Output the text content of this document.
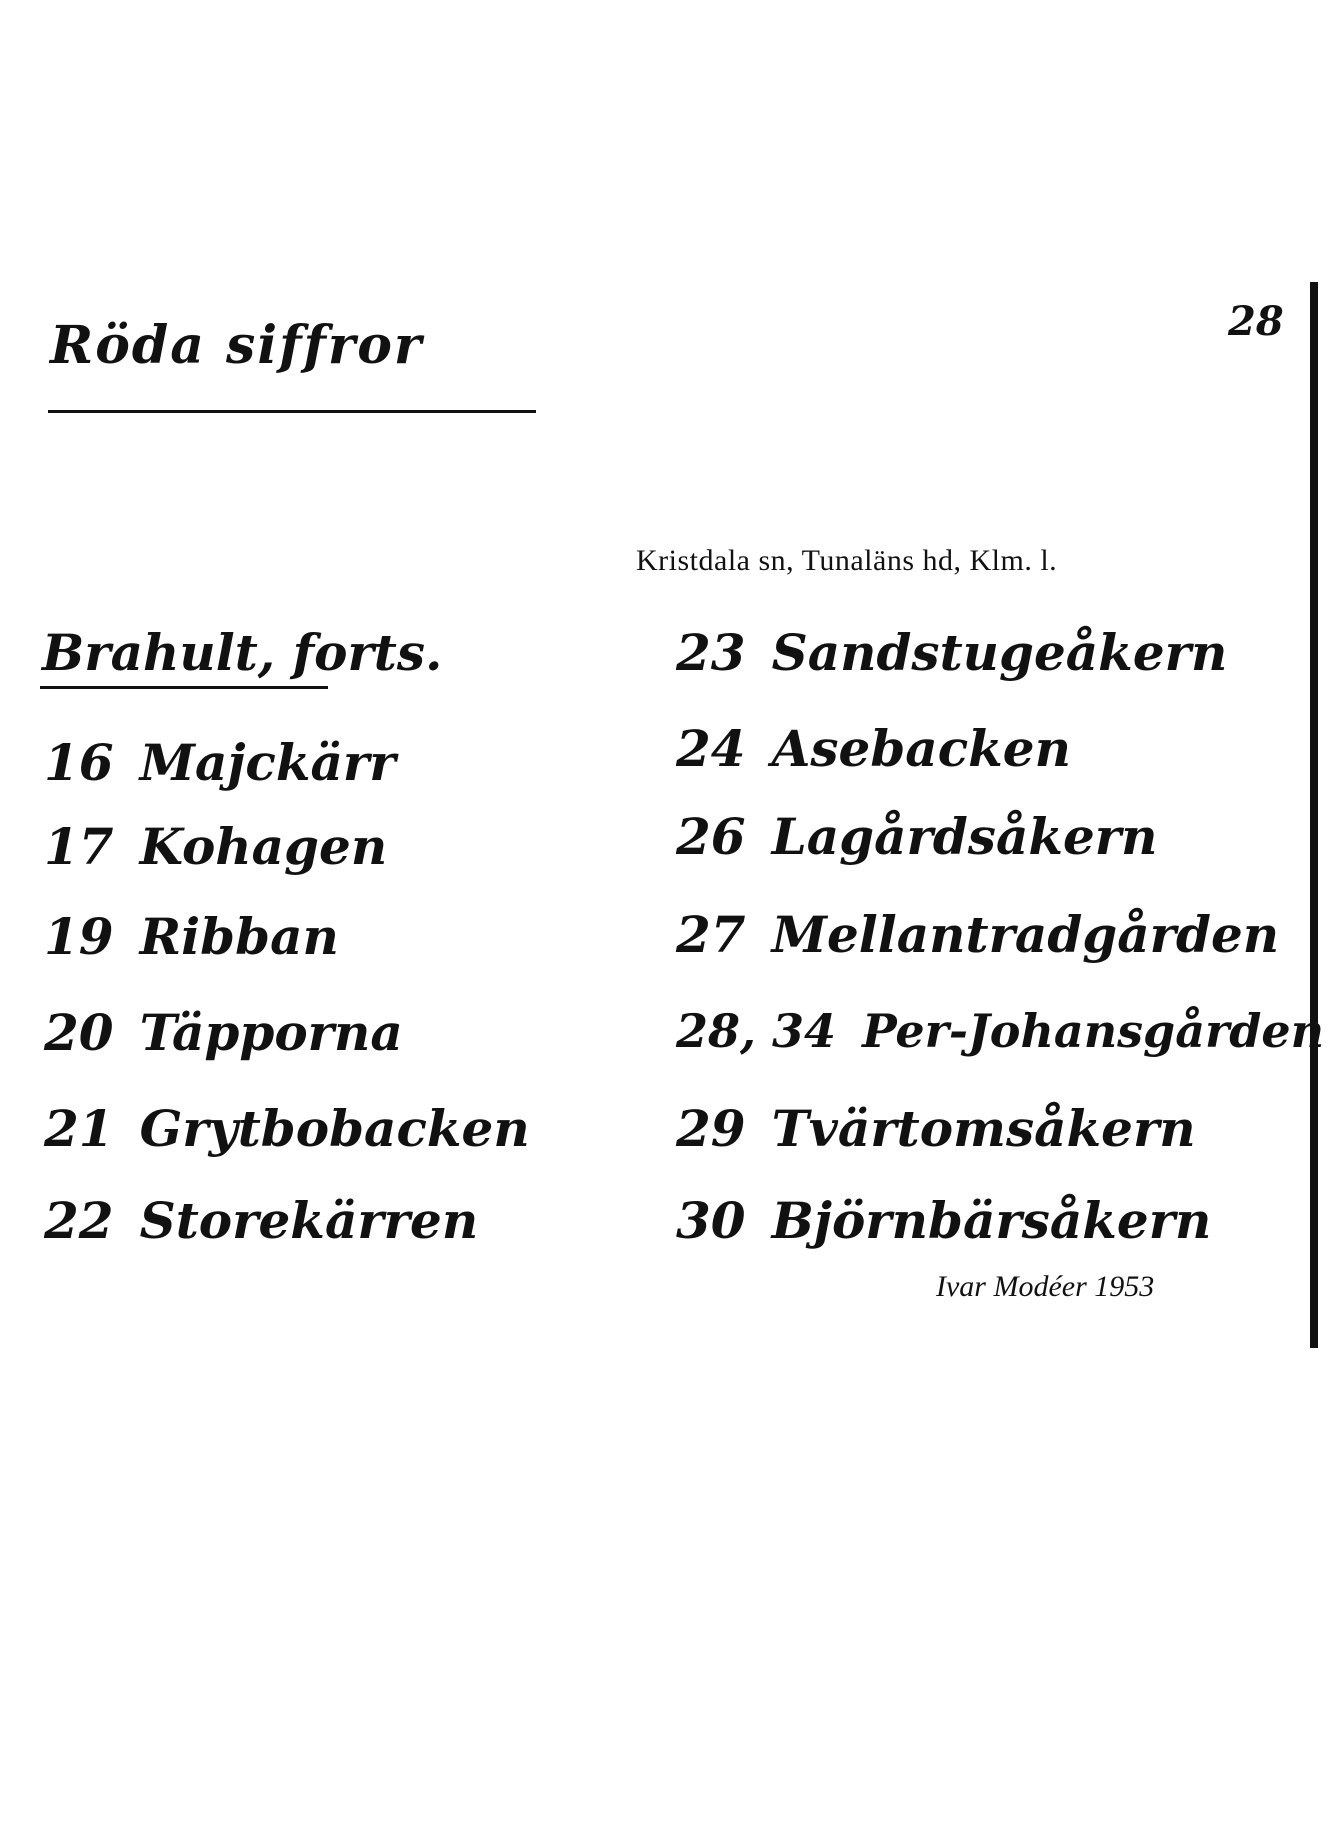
Röda siffror	28
Kristdala sn, Tunaläns hd, Klm. l.
Brahult, forts.
16 Majckärr
17 Kohagen
19 Ribban
20 Täpporna
21 Grytbobacken
22 Storekärren
23 Sandstugeåkern
24 Asebacken
26 Lagårdsåkern
27 Mellantradgården
28, 34 Per-Johansgården
29 Tvärtomsåkern
30 Björnbärsåkern
Ivar Modéer 1953
